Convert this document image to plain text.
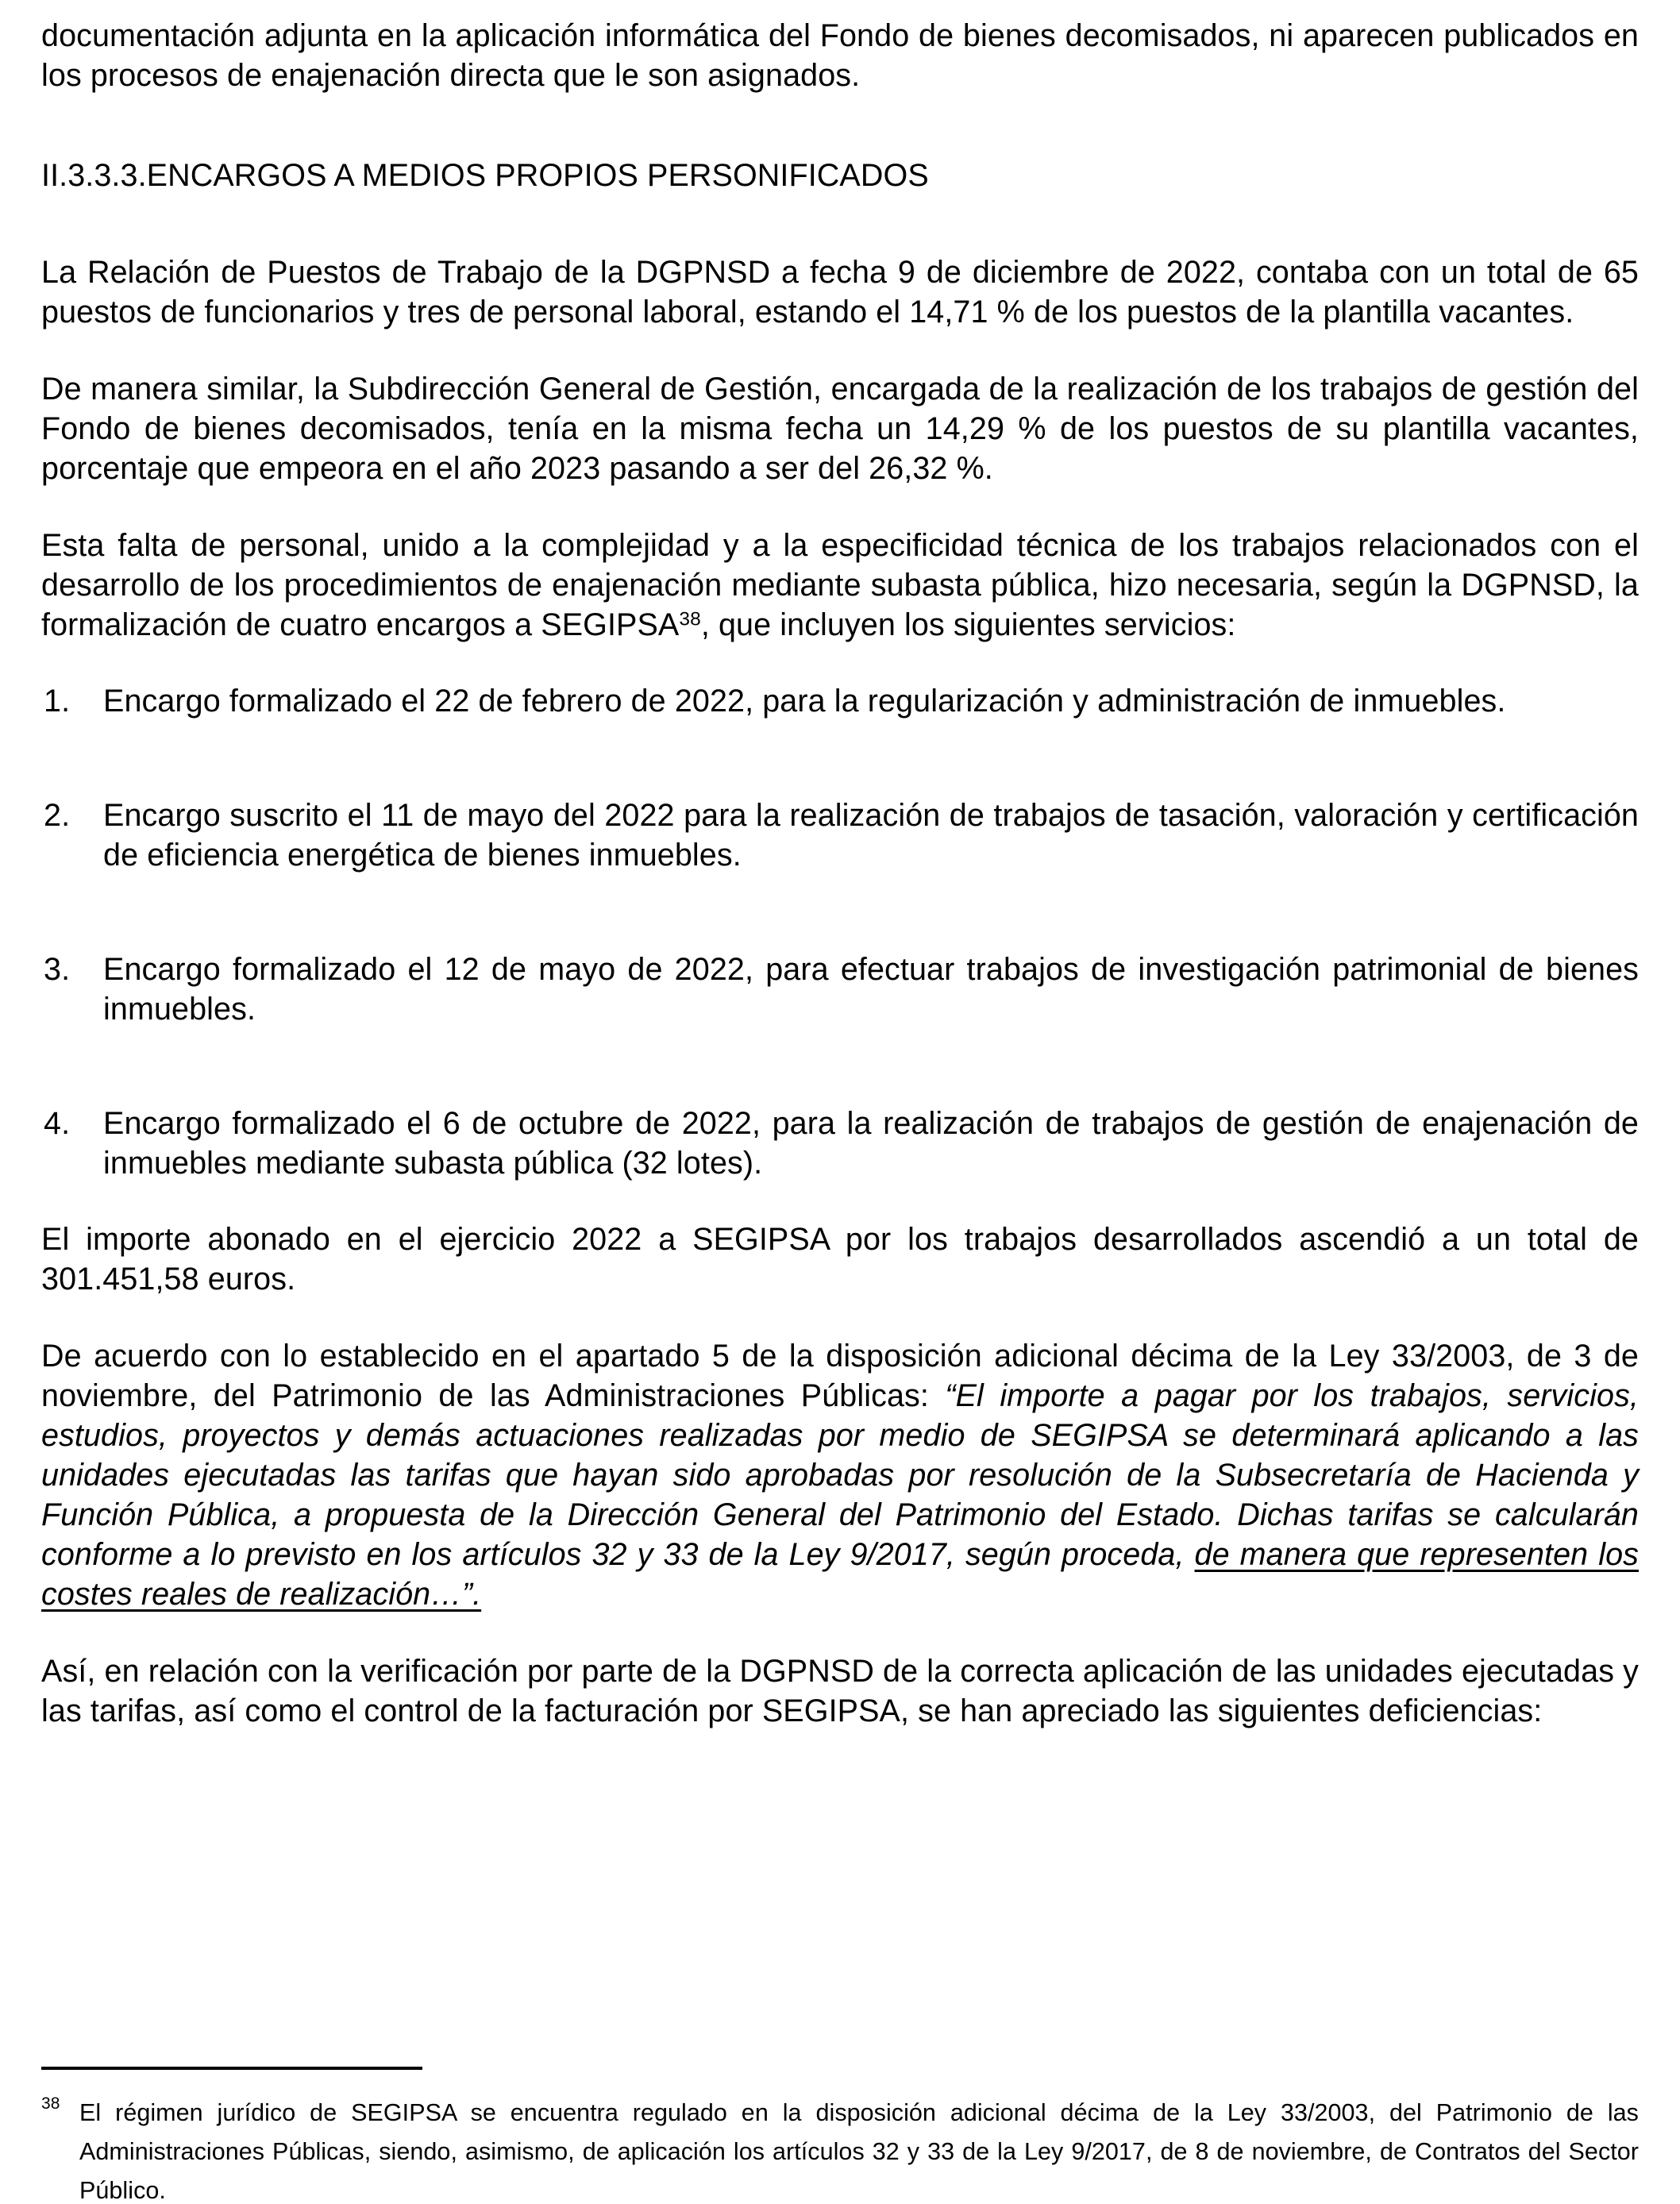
documentación adjunta en la aplicación informática del Fondo de bienes decomisados, ni aparecen publicados en los procesos de enajenación directa que le son asignados.

II.3.3.3.ENCARGOS A MEDIOS PROPIOS PERSONIFICADOS

La Relación de Puestos de Trabajo de la DGPNSD a fecha 9 de diciembre de 2022, contaba con un total de 65 puestos de funcionarios y tres de personal laboral, estando el 14,71 % de los puestos de la plantilla vacantes.

De manera similar, la Subdirección General de Gestión, encargada de la realización de los trabajos de gestión del Fondo de bienes decomisados, tenía en la misma fecha un 14,29 % de los puestos de su plantilla vacantes, porcentaje que empeora en el año 2023 pasando a ser del 26,32 %.

Esta falta de personal, unido a la complejidad y a la especificidad técnica de los trabajos relacionados con el desarrollo de los procedimientos de enajenación mediante subasta pública, hizo necesaria, según la DGPNSD, la formalización de cuatro encargos a SEGIPSA$^{38}$, que incluyen los siguientes servicios:

1.	Encargo formalizado el 22 de febrero de 2022, para la regularización y administración de inmuebles.
2.	Encargo suscrito el 11 de mayo del 2022 para la realización de trabajos de tasación, valoración y certificación de eficiencia energética de bienes inmuebles.
3.	Encargo formalizado el 12 de mayo de 2022, para efectuar trabajos de investigación patrimonial de bienes inmuebles.
4.	Encargo formalizado el 6 de octubre de 2022, para la realización de trabajos de gestión de enajenación de inmuebles mediante subasta pública (32 lotes).

El importe abonado en el ejercicio 2022 a SEGIPSA por los trabajos desarrollados ascendió a un total de 301.451,58 euros.

De acuerdo con lo establecido en el apartado 5 de la disposición adicional décima de la Ley 33/2003, de 3 de noviembre, del Patrimonio de las Administraciones Públicas: “El importe a pagar por los trabajos, servicios, estudios, proyectos y demás actuaciones realizadas por medio de SEGIPSA se determinará aplicando a las unidades ejecutadas las tarifas que hayan sido aprobadas por resolución de la Subsecretaría de Hacienda y Función Pública, a propuesta de la Dirección General del Patrimonio del Estado. Dichas tarifas se calcularán conforme a lo previsto en los artículos 32 y 33 de la Ley 9/2017, según proceda, de manera que representen los costes reales de realización…”.

Así, en relación con la verificación por parte de la DGPNSD de la correcta aplicación de las unidades ejecutadas y las tarifas, así como el control de la facturación por SEGIPSA, se han apreciado las siguientes deficiencias:

38 El régimen jurídico de SEGIPSA se encuentra regulado en la disposición adicional décima de la Ley 33/2003, del Patrimonio de las Administraciones Públicas, siendo, asimismo, de aplicación los artículos 32 y 33 de la Ley 9/2017, de 8 de noviembre, de Contratos del Sector Público.
